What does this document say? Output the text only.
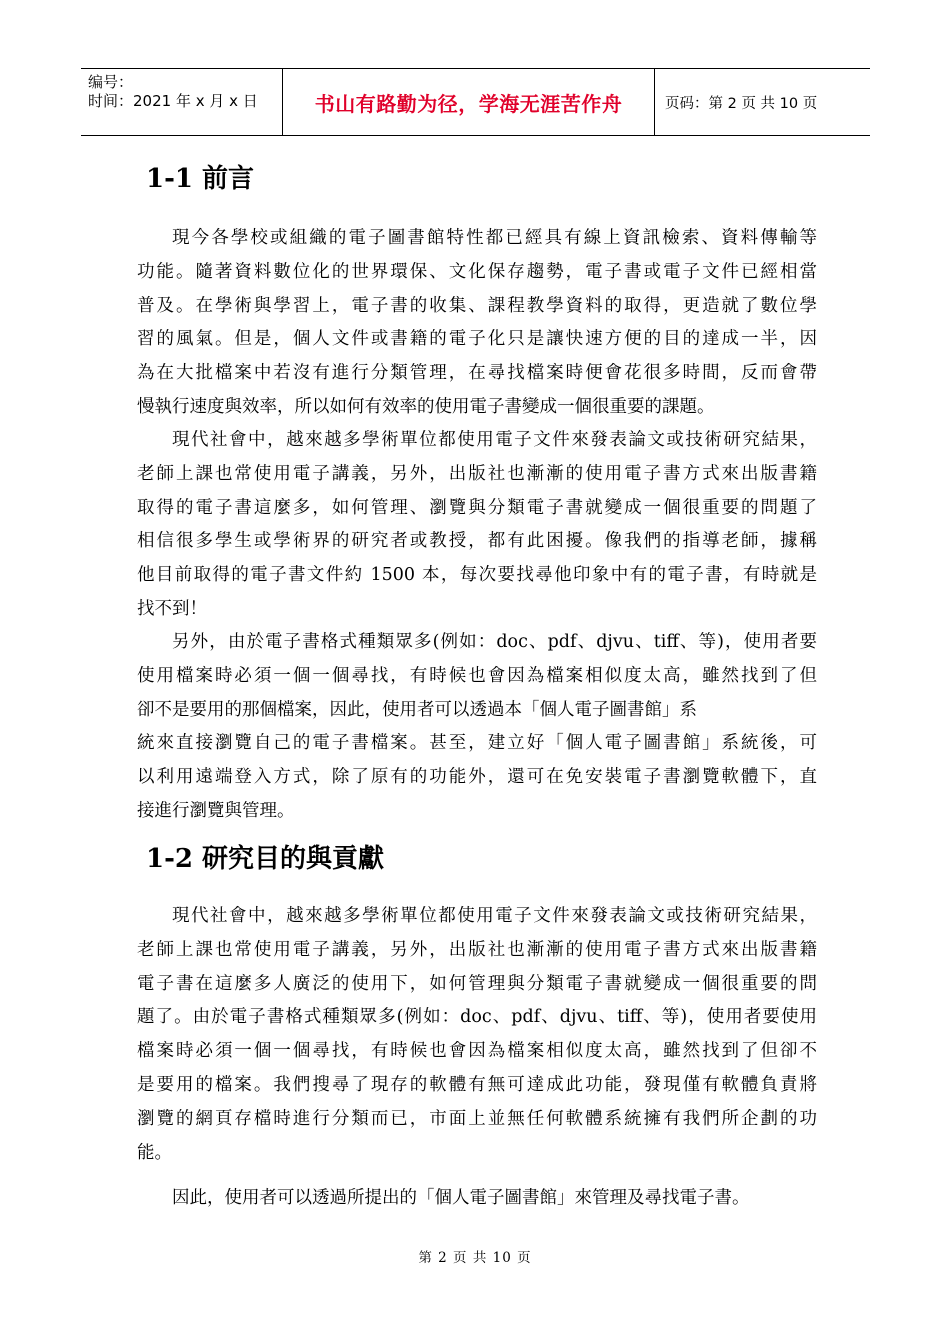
编号：
时间：2021 年 x 月 x 日	书山有路勤为径，学海无涯苦作舟	页码：第 2 页 共 10 页
1-1 前言
現今各學校或組織的電子圖書館特性都已經具有線上資訊檢索、資料傳輸等
功能。隨著資料數位化的世界環保、文化保存趨勢，電子書或電子文件已經相當
普及。在學術與學習上，電子書的收集、課程教學資料的取得，更造就了數位學
習的風氣。但是，個人文件或書籍的電子化只是讓快速方便的目的達成一半，因
為在大批檔案中若沒有進行分類管理，在尋找檔案時便會花很多時間，反而會帶
慢執行速度與效率，所以如何有效率的使用電子書變成一個很重要的課題。
現代社會中，越來越多學術單位都使用電子文件來發表論文或技術研究結果，
老師上課也常使用電子講義，另外，出版社也漸漸的使用電子書方式來出版書籍
取得的電子書這麼多，如何管理、瀏覽與分類電子書就變成一個很重要的問題了
相信很多學生或學術界的研究者或教授，都有此困擾。像我們的指導老師，據稱
他目前取得的電子書文件約 1500 本，每次要找尋他印象中有的電子書，有時就是
找不到！
另外，由於電子書格式種類眾多(例如：doc、pdf、djvu、tiff、等)，使用者要
使用檔案時必須一個一個尋找，有時候也會因為檔案相似度太高，雖然找到了但
卻不是要用的那個檔案，因此，使用者可以透過本「個人電子圖書館」系
統來直接瀏覽自己的電子書檔案。甚至，建立好「個人電子圖書館」系統後，可
以利用遠端登入方式，除了原有的功能外，還可在免安裝電子書瀏覽軟體下，直
接進行瀏覽與管理。
1-2 研究目的與貢獻
現代社會中，越來越多學術單位都使用電子文件來發表論文或技術研究結果，
老師上課也常使用電子講義，另外，出版社也漸漸的使用電子書方式來出版書籍
電子書在這麼多人廣泛的使用下，如何管理與分類電子書就變成一個很重要的問
題了。由於電子書格式種類眾多(例如：doc、pdf、djvu、tiff、等)，使用者要使用
檔案時必須一個一個尋找，有時候也會因為檔案相似度太高，雖然找到了但卻不
是要用的檔案。我們搜尋了現存的軟體有無可達成此功能，發現僅有軟體負責將
瀏覽的網頁存檔時進行分類而已，市面上並無任何軟體系統擁有我們所企劃的功
能。
因此，使用者可以透過所提出的「個人電子圖書館」來管理及尋找電子書。
第 2 页 共 10 页
